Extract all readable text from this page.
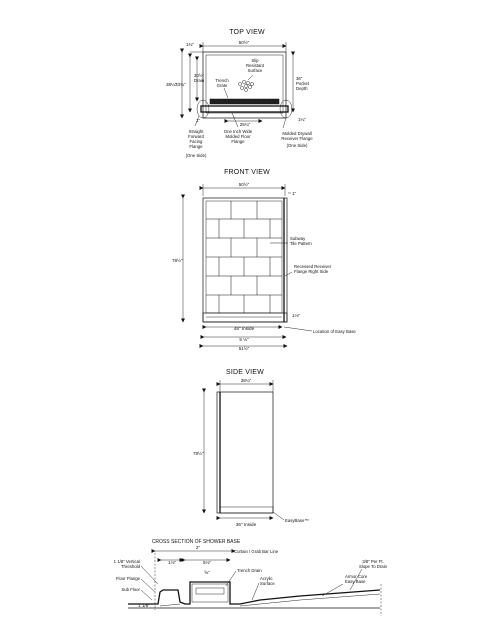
TOP VIEW
50½"
Slip Resistant Surface
Trench Grate
38¼"
33¾"
30½" Drain
1¾"
36" Pocket Depth
1¼"
1"
25¼"
Straight Forward Facing Flange
(One Side)
One Inch Wide Molded Floor Flange
Molded Drywall Receiver Flange
(One Side)
FRONT VIEW
50½"
1"
78½"
Subway Tile Pattern
Recessed Receiver Flange Right Side
1⅛"
48" Inside
Location of Easy Base
5 ⅛"
51½"
SIDE VIEW
38¼"
78½"
36" Inside
EasyBase™
CROSS SECTION OF SHOWER BASE
2"
Curtain / Grab Bar Line
1⅛"	5⅛"
⅝"
1 1/8" Vertical Threshold
Floor Flange
Sub Floor
Trench Drain
Acrylic Surface
3/8" Per Ft. Slope To Drain
Armor Core Easy Base
1 1/8"
